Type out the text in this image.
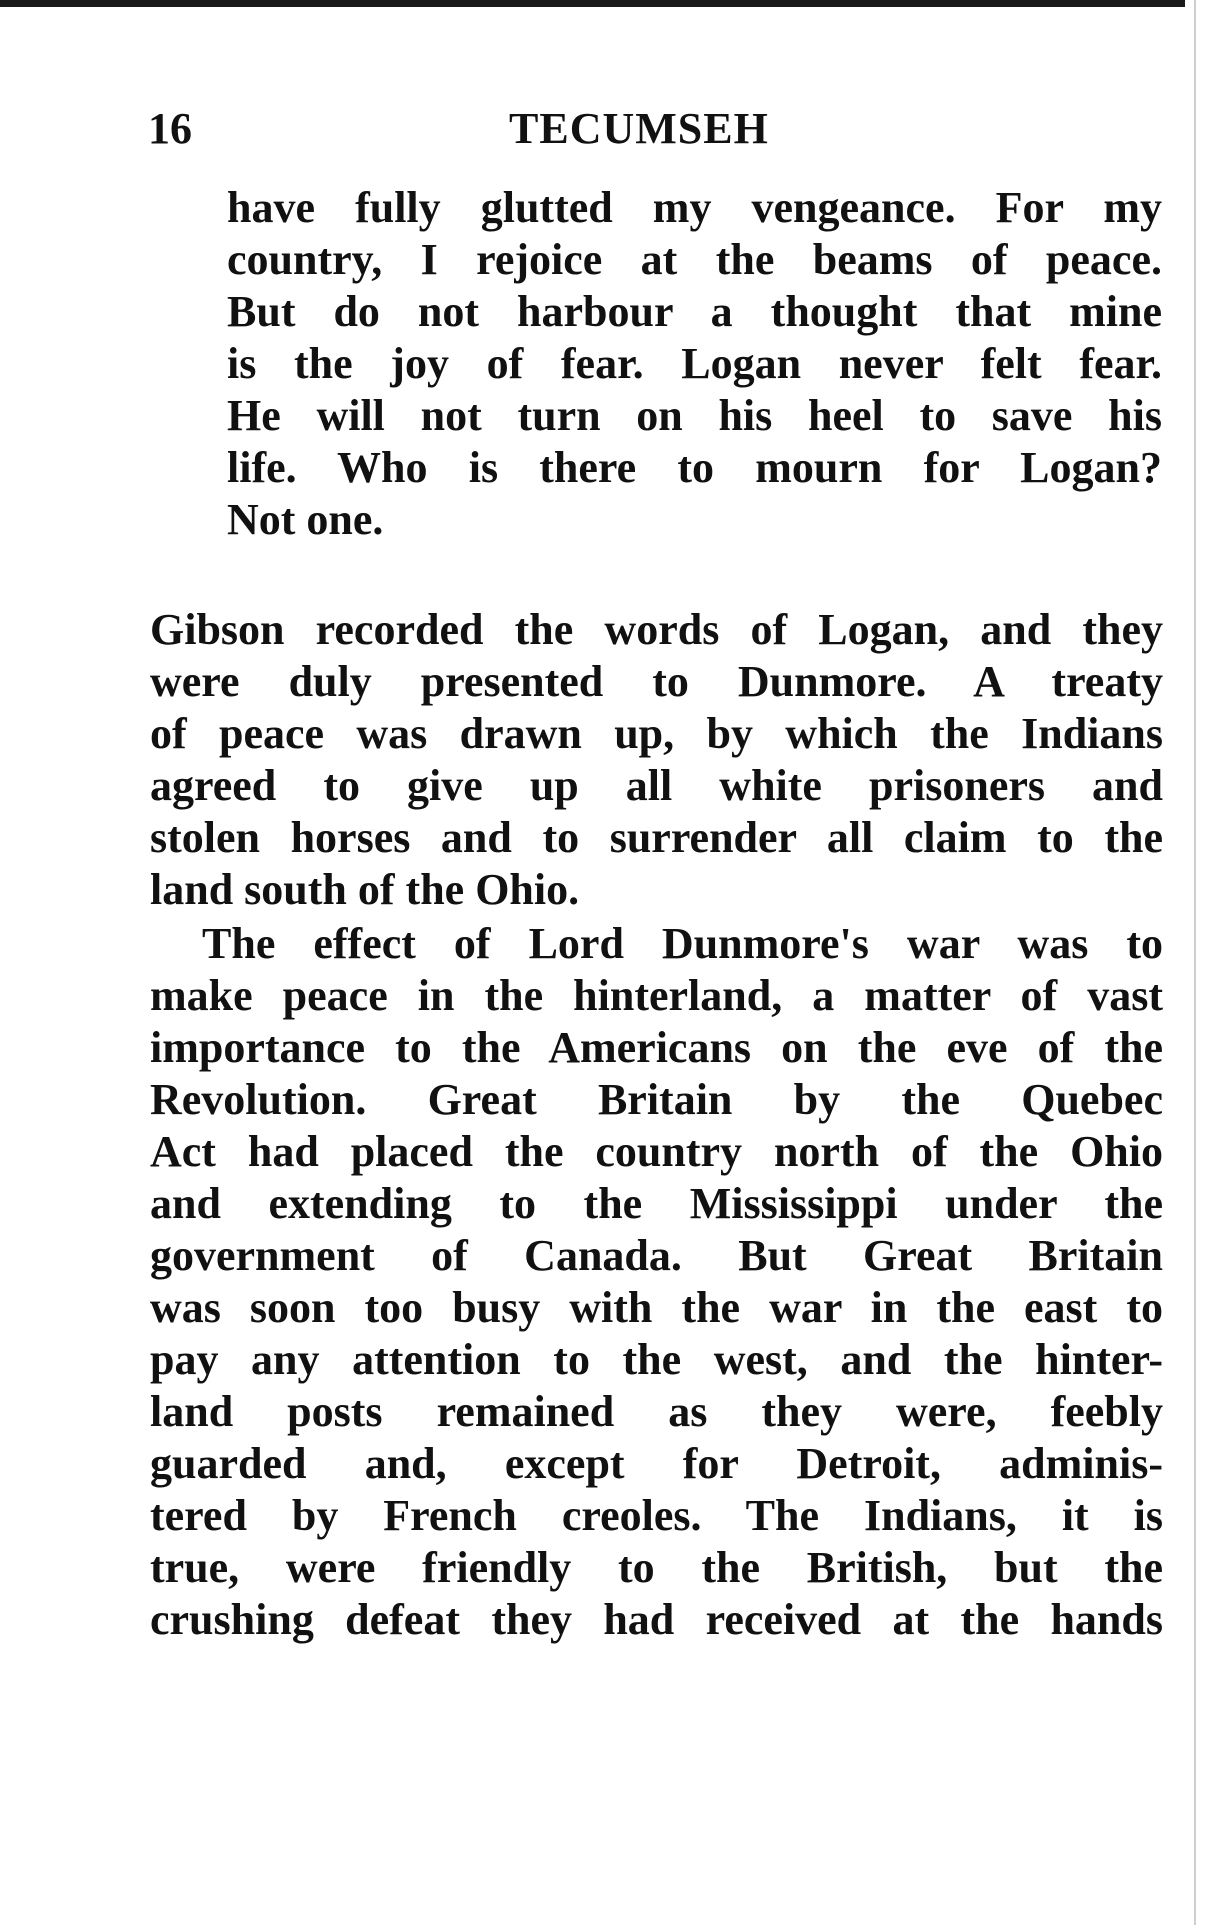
16	TECUMSEH
have fully glutted my vengeance. For my
country, I rejoice at the beams of peace.
But do not harbour a thought that mine
is the joy of fear. Logan never felt fear.
He will not turn on his heel to save his
life. Who is there to mourn for Logan?
Not one.
Gibson recorded the words of Logan, and they
were duly presented to Dunmore. A treaty
of peace was drawn up, by which the Indians
agreed to give up all white prisoners and
stolen horses and to surrender all claim to the
land south of the Ohio.
The effect of Lord Dunmore's war was to
make peace in the hinterland, a matter of vast
importance to the Americans on the eve of the
Revolution. Great Britain by the Quebec
Act had placed the country north of the Ohio
and extending to the Mississippi under the
government of Canada. But Great Britain
was soon too busy with the war in the east to
pay any attention to the west, and the hinter-
land posts remained as they were, feebly
guarded and, except for Detroit, adminis-
tered by French creoles. The Indians, it is
true, were friendly to the British, but the
crushing defeat they had received at the hands
